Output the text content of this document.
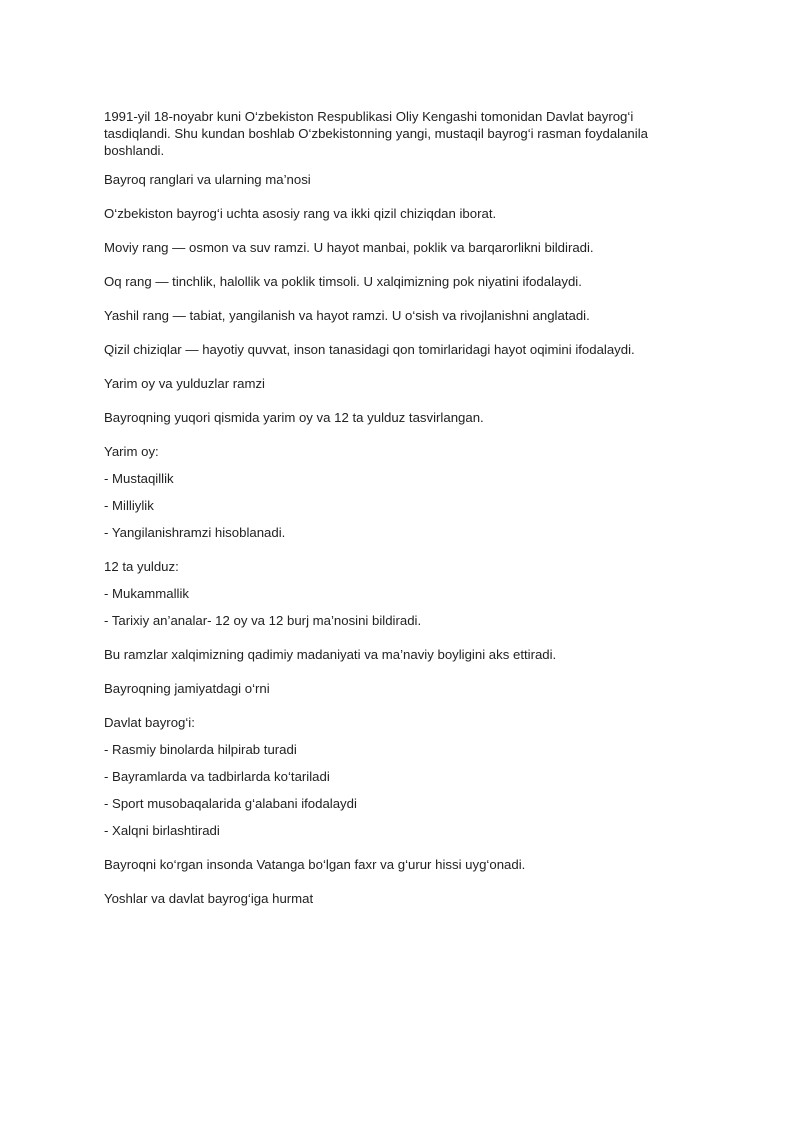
1991-yil 18-noyabr kuni O‘zbekiston Respublikasi Oliy Kengashi tomonidan Davlat bayrog‘i tasdiqlandi. Shu kundan boshlab O‘zbekistonning yangi, mustaqil bayrog‘i rasman foydalanila boshlandi.

Bayroq ranglari va ularning ma’nosi

O‘zbekiston bayrog‘i uchta asosiy rang va ikki qizil chiziqdan iborat.

Moviy rang — osmon va suv ramzi. U hayot manbai, poklik va barqarorlikni bildiradi.

Oq rang — tinchlik, halollik va poklik timsoli. U xalqimizning pok niyatini ifodalaydi.

Yashil rang — tabiat, yangilanish va hayot ramzi. U o‘sish va rivojlanishni anglatadi.

Qizil chiziqlar — hayotiy quvvat, inson tanasidagi qon tomirlaridagi hayot oqimini ifodalaydi.

Yarim oy va yulduzlar ramzi

Bayroqning yuqori qismida yarim oy va 12 ta yulduz tasvirlangan.

Yarim oy:

- Mustaqillik

- Milliylik

- Yangilanishramzi hisoblanadi.

12 ta yulduz:

- Mukammallik

- Tarixiy an’analar- 12 oy va 12 burj ma’nosini bildiradi.

Bu ramzlar xalqimizning qadimiy madaniyati va ma’naviy boyligini aks ettiradi.

Bayroqning jamiyatdagi o‘rni

Davlat bayrog‘i:

- Rasmiy binolarda hilpirab turadi

- Bayramlarda va tadbirlarda ko‘tariladi

- Sport musobaqalarida g‘alabani ifodalaydi

- Xalqni birlashtiradi

Bayroqni ko‘rgan insonda Vatanga bo‘lgan faxr va g‘urur hissi uyg‘onadi.

Yoshlar va davlat bayrog‘iga hurmat
